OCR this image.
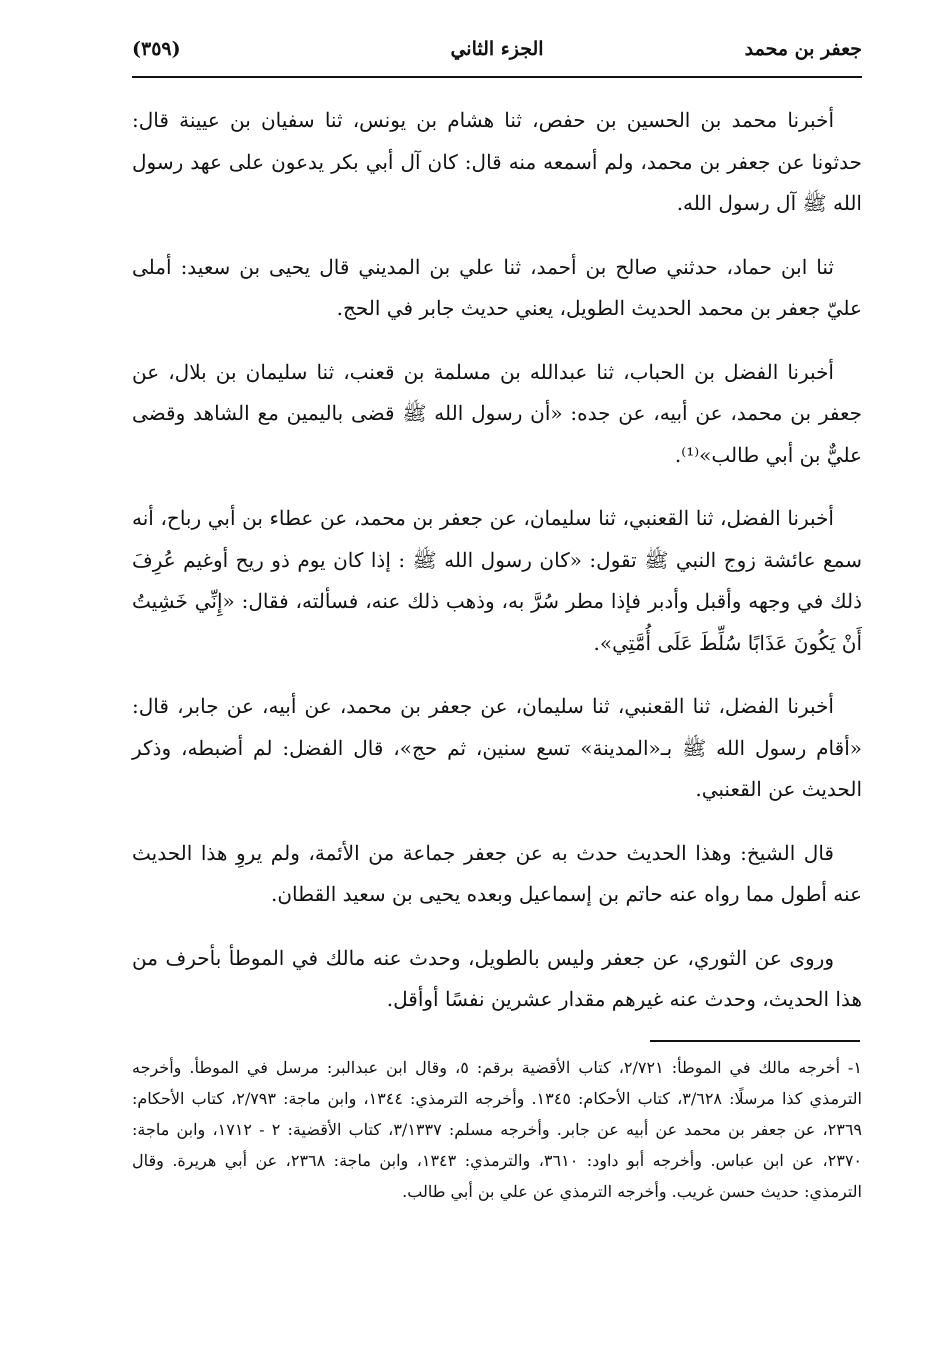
جعفر بن محمد
الجزء الثاني
(٣٥٩)

أخبرنا محمد بن الحسين بن حفص، ثنا هشام بن يونس، ثنا سفيان بن عيينة قال: حدثونا عن جعفر بن محمد، ولم أسمعه منه قال: كان آل أبي بكر يدعون على عهد رسول الله ﷺ آل رسول الله.

ثنا ابن حماد، حدثني صالح بن أحمد، ثنا علي بن المديني قال يحيى بن سعيد: أملى عليّ جعفر بن محمد الحديث الطويل، يعني حديث جابر في الحج.

أخبرنا الفضل بن الحباب، ثنا عبدالله بن مسلمة بن قعنب، ثنا سليمان بن بلال، عن جعفر بن محمد، عن أبيه، عن جده: «أن رسول الله ﷺ قضى باليمين مع الشاهد وقضى عليٌّ بن أبي طالب»⁽¹⁾.

أخبرنا الفضل، ثنا القعنبي، ثنا سليمان، عن جعفر بن محمد، عن عطاء بن أبي رباح، أنه سمع عائشة زوج النبي ﷺ تقول: «كان رسول الله ﷺ : إذا كان يوم ذو ريح أوغيم عُرِفَ ذلك في وجهه وأقبل وأدبر فإذا مطر سُرَّ به، وذهب ذلك عنه، فسألته، فقال: «إِنِّي خَشِيتُ أَنْ يَكُونَ عَذَابًا سُلِّطَ عَلَى أُمَّتِي».

أخبرنا الفضل، ثنا القعنبي، ثنا سليمان، عن جعفر بن محمد، عن أبيه، عن جابر، قال: «أقام رسول الله ﷺ بـ«المدينة» تسع سنين، ثم حج»، قال الفضل: لم أضبطه، وذكر الحديث عن القعنبي.

قال الشيخ: وهذا الحديث حدث به عن جعفر جماعة من الأئمة، ولم يروِ هذا الحديث عنه أطول مما رواه عنه حاتم بن إسماعيل وبعده يحيى بن سعيد القطان.

وروى عن الثوري، عن جعفر وليس بالطويل، وحدث عنه مالك في الموطأ بأحرف من هذا الحديث، وحدث عنه غيرهم مقدار عشرين نفسًا أوأقل.

١-أخرجه مالك في الموطأ: ٢/٧٢١، كتاب الأقضية برقم: ٥، وقال ابن عبدالبر: مرسل في الموطأ. وأخرجه الترمذي كذا مرسلًا: ٣/٦٢٨، كتاب الأحكام: ١٣٤٥. وأخرجه الترمذي: ١٣٤٤، وابن ماجة: ٢/٧٩٣، كتاب الأحكام: ٢٣٦٩، عن جعفر بن محمد عن أبيه عن جابر. وأخرجه مسلم: ٣/١٣٣٧، كتاب الأقضية: ٢ - ١٧١٢، وابن ماجة: ٢٣٧٠، عن ابن عباس. وأخرجه أبو داود: ٣٦١٠، والترمذي: ١٣٤٣، وابن ماجة: ٢٣٦٨، عن أبي هريرة. وقال الترمذي: حديث حسن غريب. وأخرجه الترمذي عن علي بن أبي طالب.
